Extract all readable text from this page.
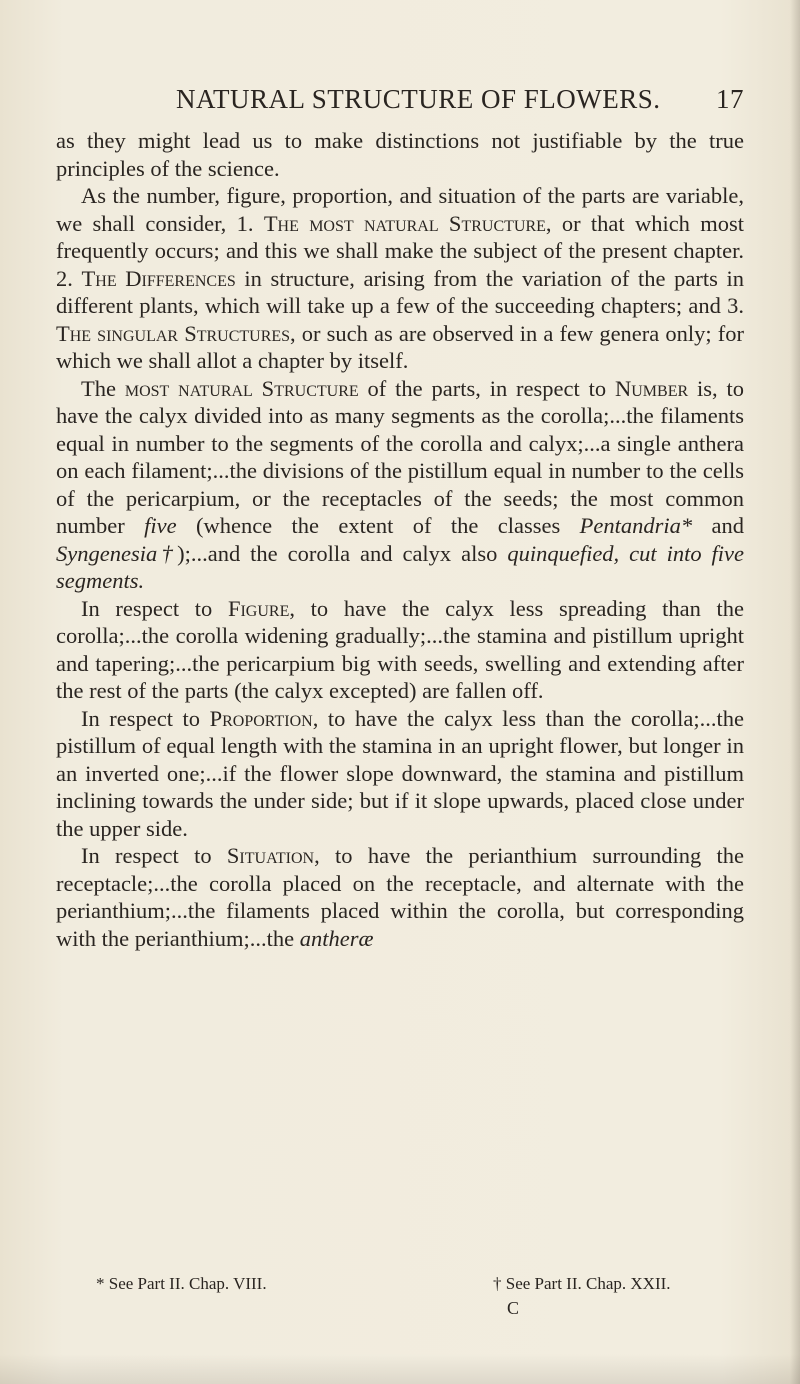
NATURAL STRUCTURE OF FLOWERS. 17

as they might lead us to make distinctions not justifiable by the true principles of the science.

As the number, figure, proportion, and situation of the parts are variable, we shall consider, 1. The most natural Structure, or that which most frequently occurs; and this we shall make the subject of the present chapter. 2. The Differences in structure, arising from the variation of the parts in different plants, which will take up a few of the succeeding chapters; and 3. The singular Structures, or such as are observed in a few genera only; for which we shall allot a chapter by itself.

The most natural Structure of the parts, in respect to Number is, to have the calyx divided into as many segments as the corolla;...the filaments equal in number to the segments of the corolla and calyx;...a single anthera on each filament;...the divisions of the pistillum equal in number to the cells of the pericarpium, or the receptacles of the seeds; the most common number five (whence the extent of the classes Pentandria* and Syngenesia†);...and the corolla and calyx also quinquefied, cut into five segments.

In respect to Figure, to have the calyx less spreading than the corolla;...the corolla widening gradually;...the stamina and pistillum upright and tapering;...the pericarpium big with seeds, swelling and extending after the rest of the parts (the calyx excepted) are fallen off.

In respect to Proportion, to have the calyx less than the corolla;...the pistillum of equal length with the stamina in an upright flower, but longer in an inverted one;...if the flower slope downward, the stamina and pistillum inclining towards the under side; but if it slope upwards, placed close under the upper side.

In respect to Situation, to have the perianthium surrounding the receptacle;...the corolla placed on the receptacle, and alternate with the perianthium;...the filaments placed within the corolla, but corresponding with the perianthium;...the antheræ

* See Part II. Chap. VIII.	† See Part II. Chap. XXII.
C
